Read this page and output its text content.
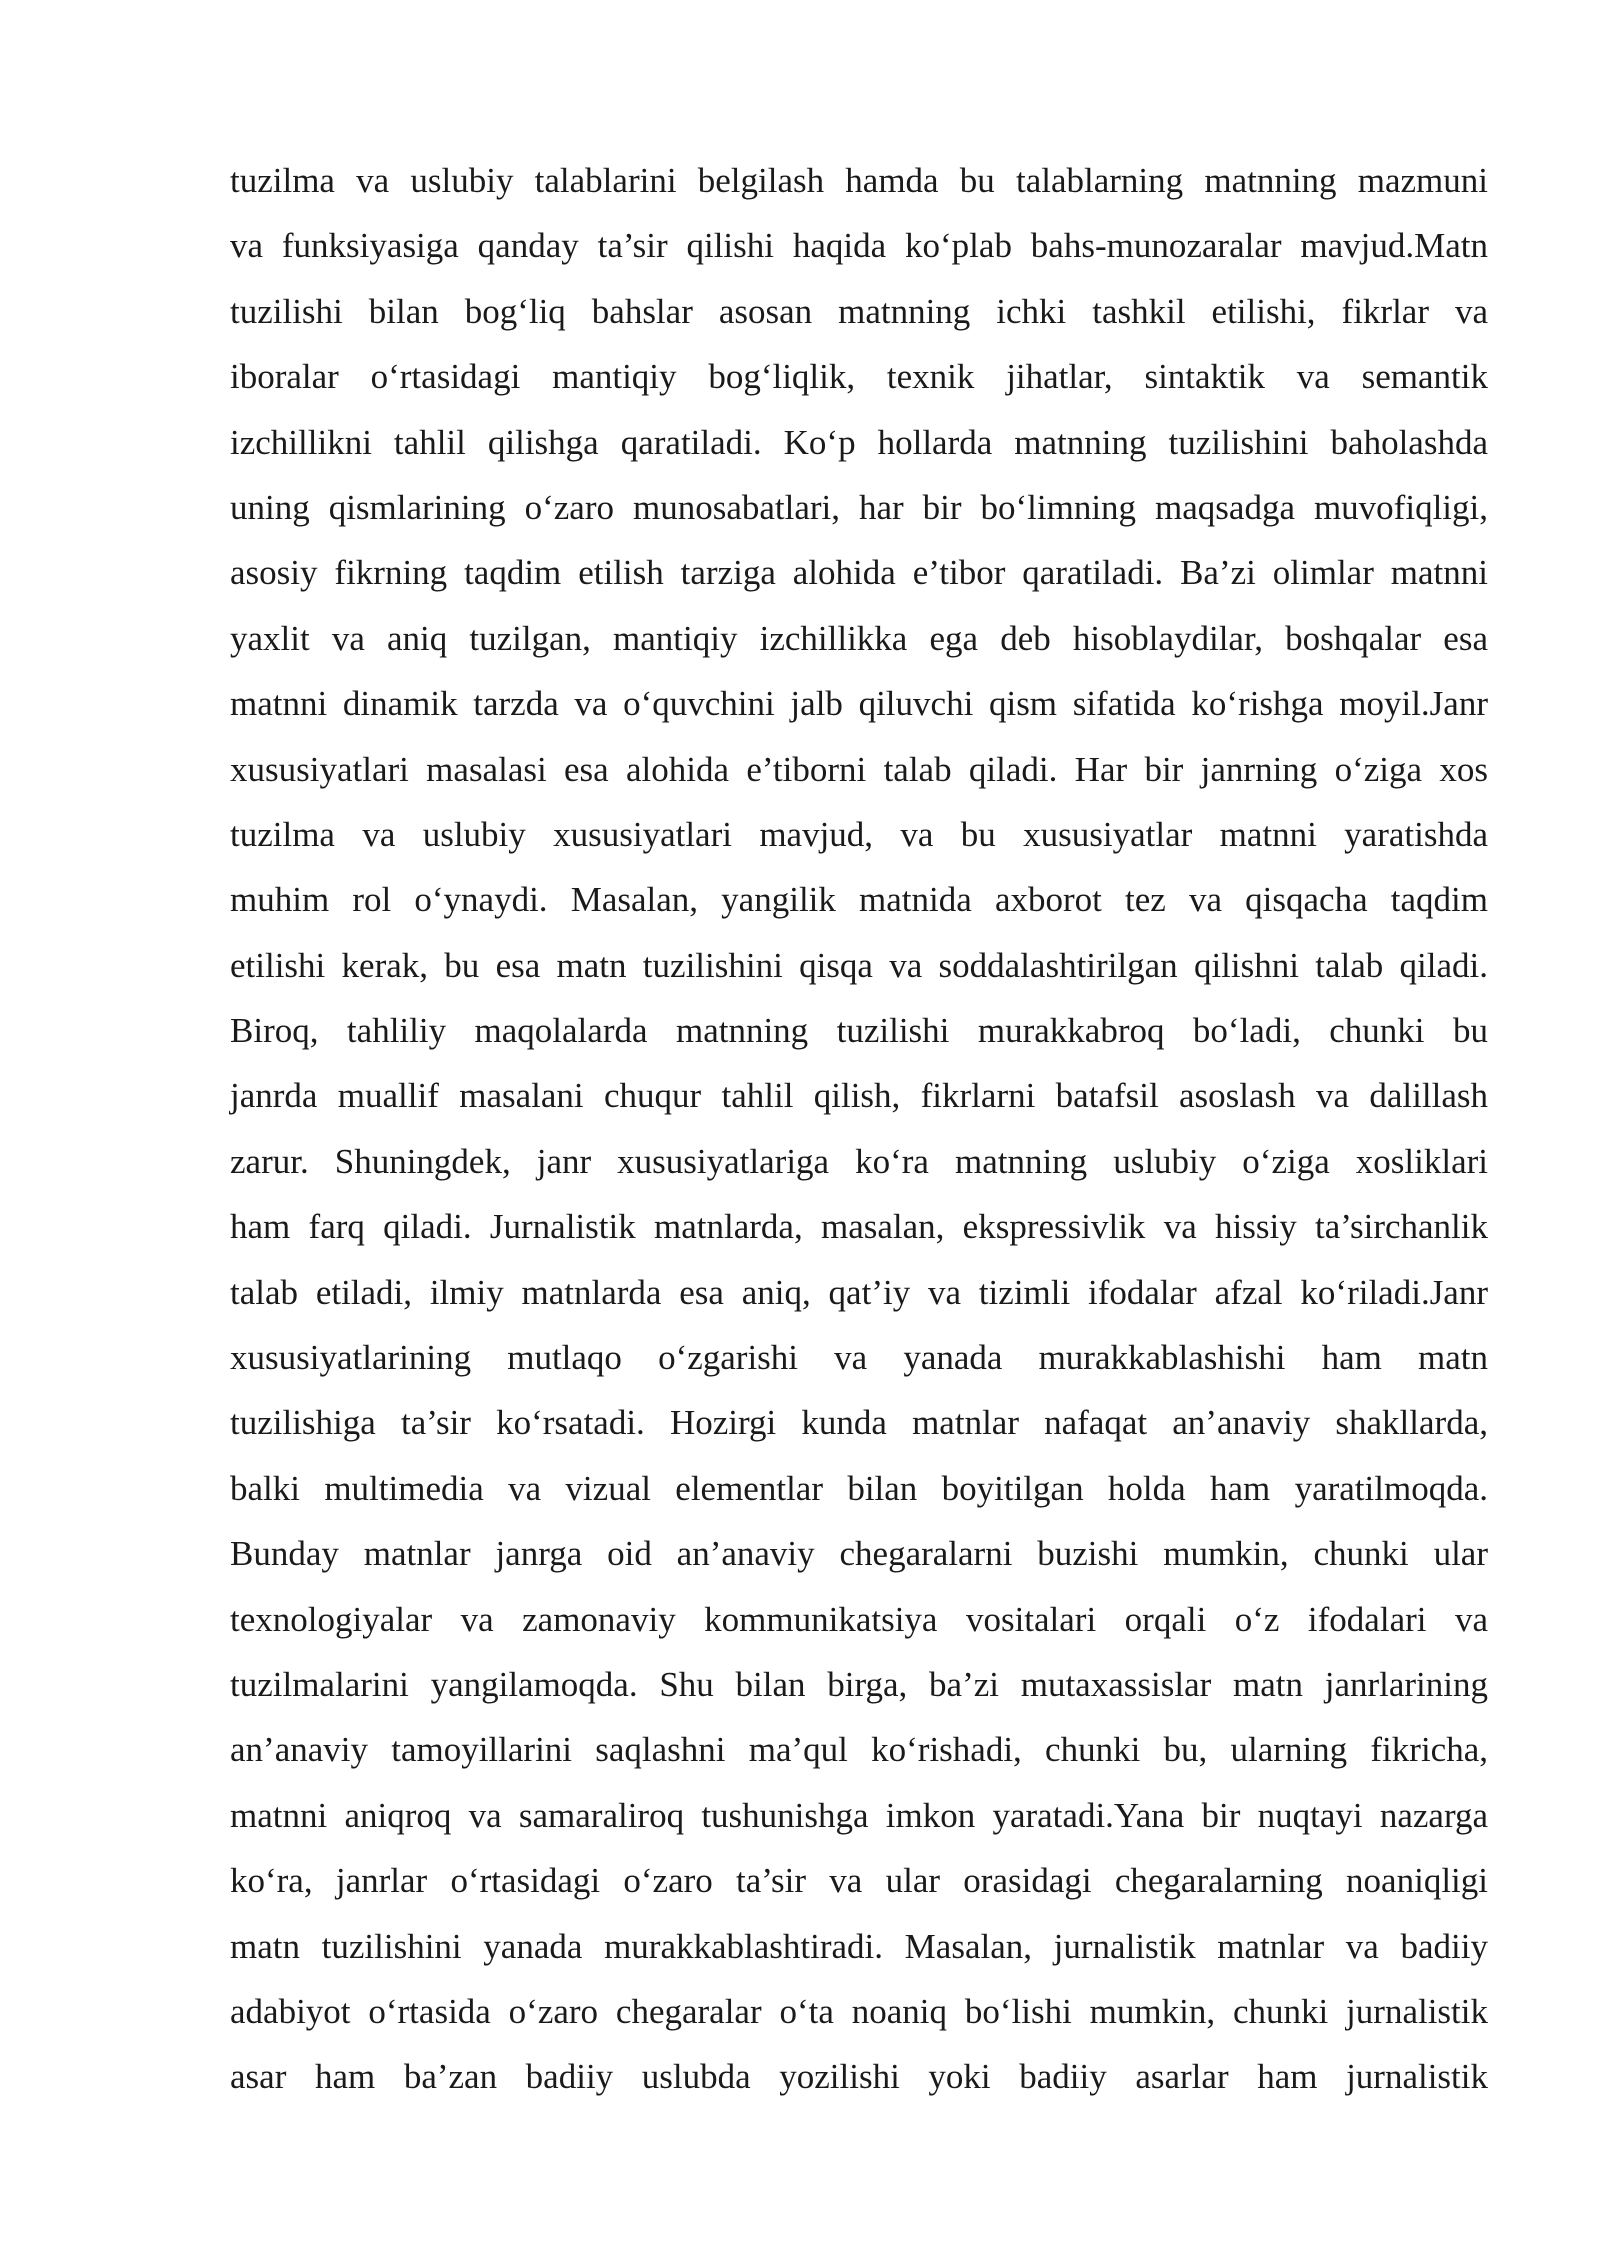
tuzilma va uslubiy talablarini belgilash hamda bu talablarning matnning mazmuni
va funksiyasiga qanday ta’sir qilishi haqida ko‘plab bahs-munozaralar mavjud.Matn
tuzilishi bilan bog‘liq bahslar asosan matnning ichki tashkil etilishi, fikrlar va
iboralar o‘rtasidagi mantiqiy bog‘liqlik, texnik jihatlar, sintaktik va semantik
izchillikni tahlil qilishga qaratiladi. Ko‘p hollarda matnning tuzilishini baholashda
uning qismlarining o‘zaro munosabatlari, har bir bo‘limning maqsadga muvofiqligi,
asosiy fikrning taqdim etilish tarziga alohida e’tibor qaratiladi. Ba’zi olimlar matnni
yaxlit va aniq tuzilgan, mantiqiy izchillikka ega deb hisoblaydilar, boshqalar esa
matnni dinamik tarzda va o‘quvchini jalb qiluvchi qism sifatida ko‘rishga moyil.Janr
xususiyatlari masalasi esa alohida e’tiborni talab qiladi. Har bir janrning o‘ziga xos
tuzilma va uslubiy xususiyatlari mavjud, va bu xususiyatlar matnni yaratishda
muhim rol o‘ynaydi. Masalan, yangilik matnida axborot tez va qisqacha taqdim
etilishi kerak, bu esa matn tuzilishini qisqa va soddalashtirilgan qilishni talab qiladi.
Biroq, tahliliy maqolalarda matnning tuzilishi murakkabroq bo‘ladi, chunki bu
janrda muallif masalani chuqur tahlil qilish, fikrlarni batafsil asoslash va dalillash
zarur. Shuningdek, janr xususiyatlariga ko‘ra matnning uslubiy o‘ziga xosliklari
ham farq qiladi. Jurnalistik matnlarda, masalan, ekspressivlik va hissiy ta’sirchanlik
talab etiladi, ilmiy matnlarda esa aniq, qat’iy va tizimli ifodalar afzal ko‘riladi.Janr
xususiyatlarining mutlaqo o‘zgarishi va yanada murakkablashishi ham matn
tuzilishiga ta’sir ko‘rsatadi. Hozirgi kunda matnlar nafaqat an’anaviy shakllarda,
balki multimedia va vizual elementlar bilan boyitilgan holda ham yaratilmoqda.
Bunday matnlar janrga oid an’anaviy chegaralarni buzishi mumkin, chunki ular
texnologiyalar va zamonaviy kommunikatsiya vositalari orqali o‘z ifodalari va
tuzilmalarini yangilamoqda. Shu bilan birga, ba’zi mutaxassislar matn janrlarining
an’anaviy tamoyillarini saqlashni ma’qul ko‘rishadi, chunki bu, ularning fikricha,
matnni aniqroq va samaraliroq tushunishga imkon yaratadi.Yana bir nuqtayi nazarga
ko‘ra, janrlar o‘rtasidagi o‘zaro ta’sir va ular orasidagi chegaralarning noaniqligi
matn tuzilishini yanada murakkablashtiradi. Masalan, jurnalistik matnlar va badiiy
adabiyot o‘rtasida o‘zaro chegaralar o‘ta noaniq bo‘lishi mumkin, chunki jurnalistik
asar ham ba’zan badiiy uslubda yozilishi yoki badiiy asarlar ham jurnalistik
